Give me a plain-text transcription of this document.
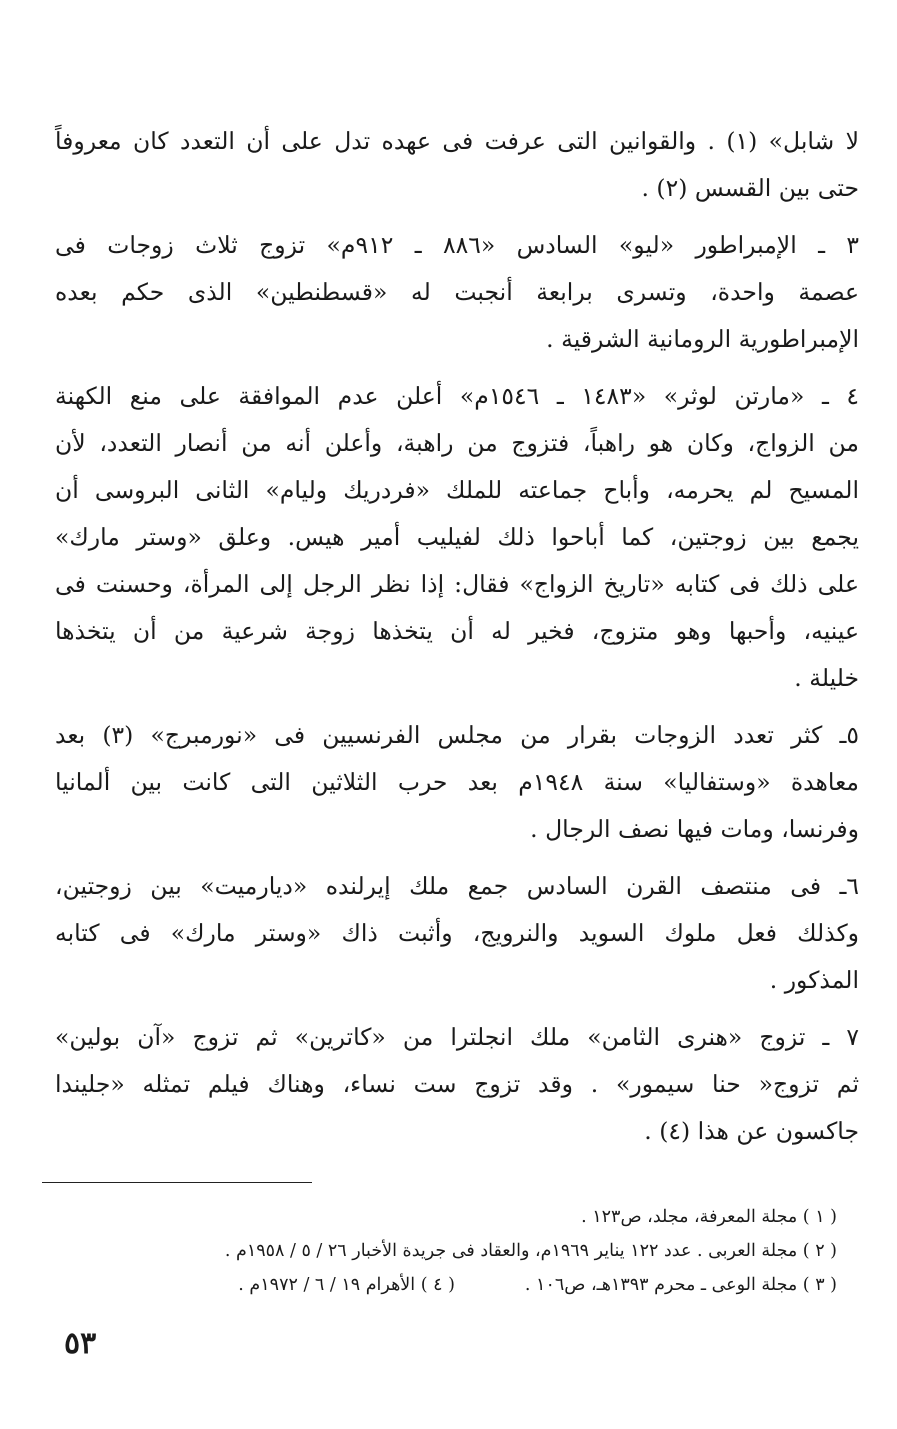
لا شابل» (١) . والقوانين التى عرفت فى عهده تدل على أن التعدد كان معروفاً
حتى بين القسس (٢) .

٣ ـ الإمبراطور «ليو» السادس «٨٨٦ ـ ٩١٢م» تزوج ثلاث زوجات فى
عصمة واحدة، وتسرى برابعة أنجبت له «قسطنطين» الذى حكم بعده
الإمبراطورية الرومانية الشرقية .

٤ ـ «مارتن لوثر» «١٤٨٣ ـ ١٥٤٦م» أعلن عدم الموافقة على منع الكهنة
من الزواج، وكان هو راهباً، فتزوج من راهبة، وأعلن أنه من أنصار التعدد، لأن
المسيح لم يحرمه، وأباح جماعته للملك «فردريك وليام» الثانى البروسى أن
يجمع بين زوجتين، كما أباحوا ذلك لفيليب أمير هيس. وعلق «وستر مارك»
على ذلك فى كتابه «تاريخ الزواج» فقال: إذا نظر الرجل إلى المرأة، وحسنت فى
عينيه، وأحبها وهو متزوج، فخير له أن يتخذها زوجة شرعية من أن يتخذها
خليلة .

٥ـ كثر تعدد الزوجات بقرار من مجلس الفرنسيين فى «نورمبرج» (٣) بعد
معاهدة «وستفاليا» سنة ١٩٤٨م بعد حرب الثلاثين التى كانت بين ألمانيا
وفرنسا، ومات فيها نصف الرجال .

٦ـ فى منتصف القرن السادس جمع ملك إيرلنده «ديارميت» بين زوجتين،
وكذلك فعل ملوك السويد والنرويج، وأثبت ذاك «وستر مارك» فى كتابه
المذكور .

٧ ـ تزوج «هنرى الثامن» ملك انجلترا من «كاترين» ثم تزوج «آن بولين»
ثم تزوج« حنا سيمور» . وقد تزوج ست نساء، وهناك فيلم تمثله «جليندا
جاكسون عن هذا (٤) .

( ١ ) مجلة المعرفة، مجلد، ص١٢٣ .
( ٢ ) مجلة العربى . عدد ١٢٢ يناير ١٩٦٩م، والعقاد فى جريدة الأخبار ٢٦ / ٥ / ١٩٥٨م .
( ٣ ) مجلة الوعى ـ محرم ١٣٩٣هـ، ص١٠٦ .
( ٤ ) الأهرام ١٩ / ٦ / ١٩٧٢م .
٥٣
